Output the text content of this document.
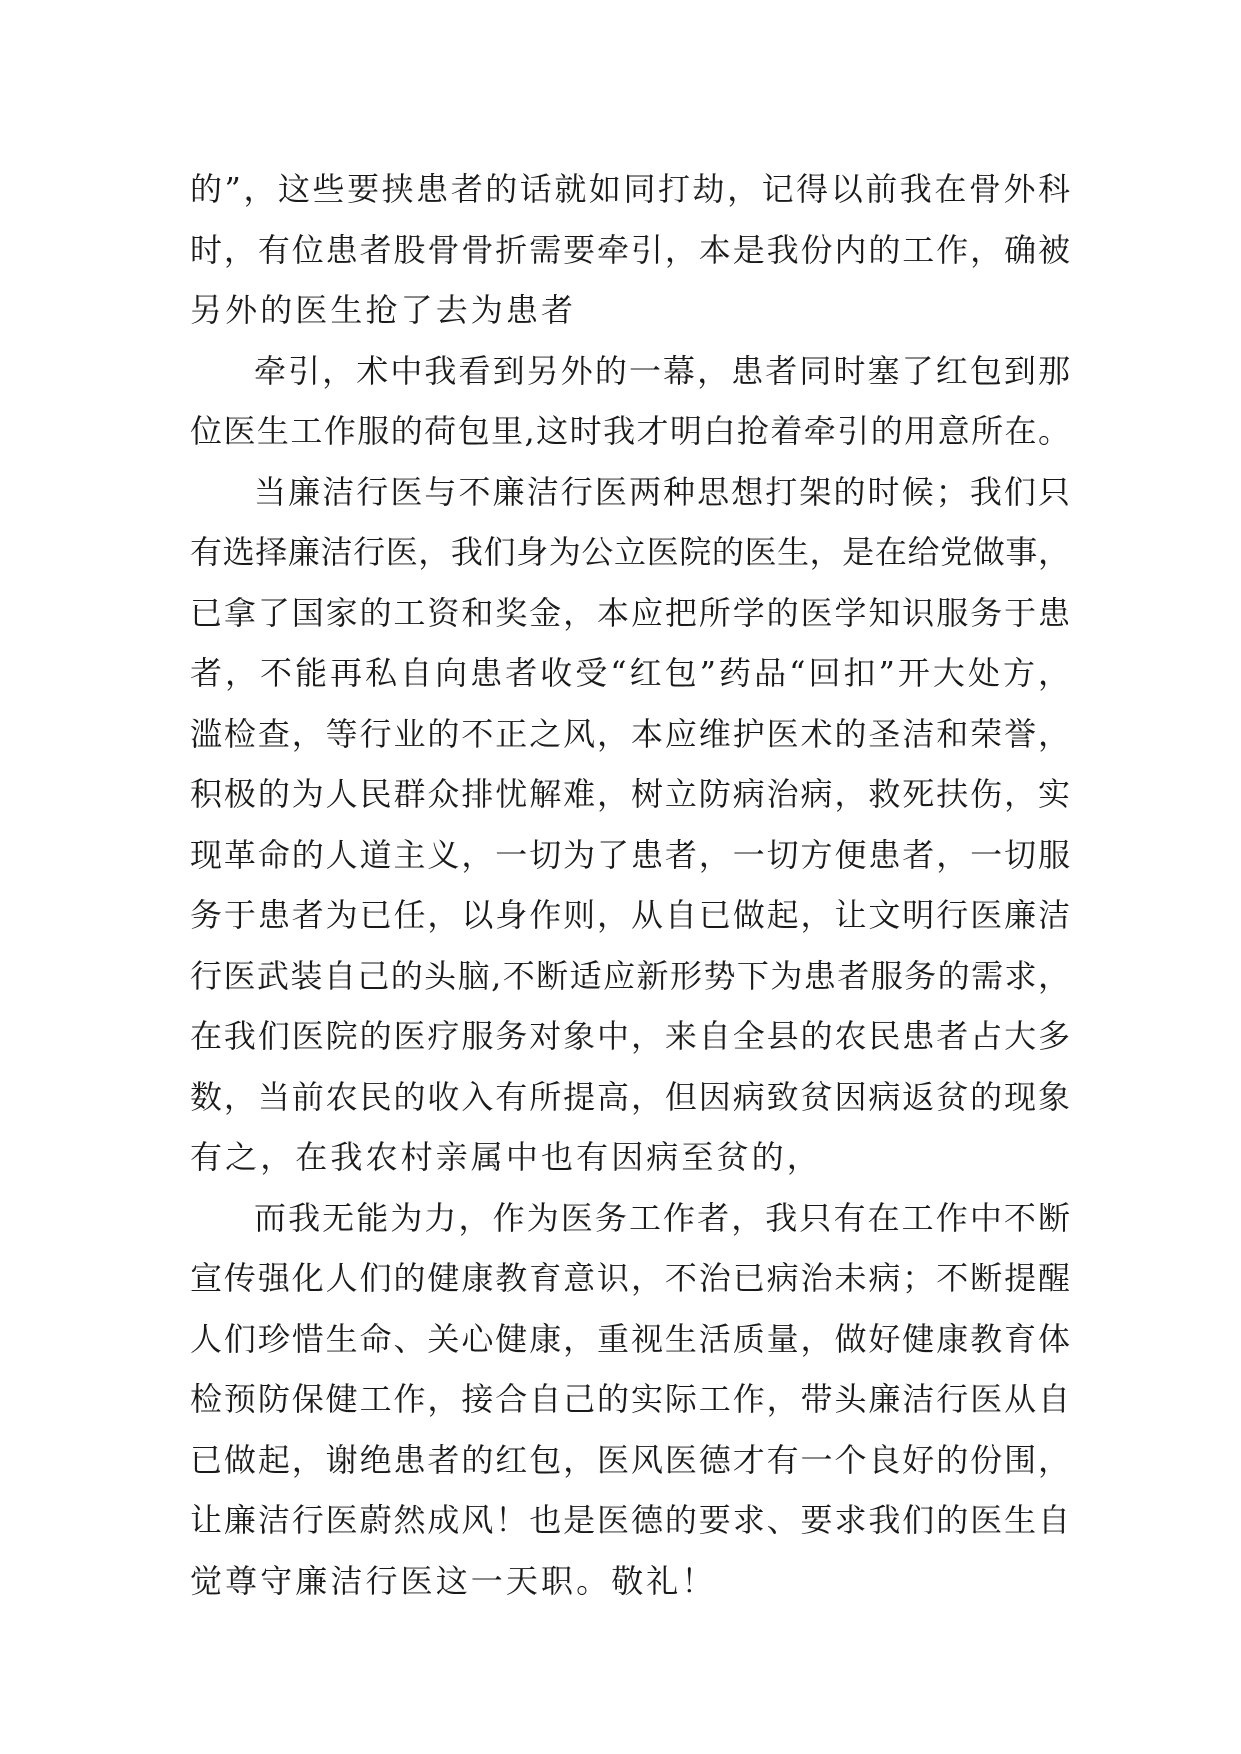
的”，这些要挟患者的话就如同打劫，记得以前我在骨外科
时，有位患者股骨骨折需要牵引，本是我份内的工作，确被
另外的医生抢了去为患者
牵引，术中我看到另外的一幕，患者同时塞了红包到那
位医生工作服的荷包里,这时我才明白抢着牵引的用意所在。
当廉洁行医与不廉洁行医两种思想打架的时候；我们只
有选择廉洁行医，我们身为公立医院的医生，是在给党做事，
已拿了国家的工资和奖金，本应把所学的医学知识服务于患
者，不能再私自向患者收受“红包”药品“回扣”开大处方，
滥检查，等行业的不正之风，本应维护医术的圣洁和荣誉，
积极的为人民群众排忧解难，树立防病治病，救死扶伤，实
现革命的人道主义，一切为了患者，一切方便患者，一切服
务于患者为已任，以身作则，从自已做起，让文明行医廉洁
行医武装自己的头脑,不断适应新形势下为患者服务的需求，
在我们医院的医疗服务对象中，来自全县的农民患者占大多
数，当前农民的收入有所提高，但因病致贫因病返贫的现象
有之，在我农村亲属中也有因病至贫的，
而我无能为力，作为医务工作者，我只有在工作中不断
宣传强化人们的健康教育意识，不治已病治未病；不断提醒
人们珍惜生命、关心健康，重视生活质量，做好健康教育体
检预防保健工作，接合自己的实际工作，带头廉洁行医从自
已做起，谢绝患者的红包，医风医德才有一个良好的份围，
让廉洁行医蔚然成风！也是医德的要求、要求我们的医生自
觉尊守廉洁行医这一天职。敬礼！
